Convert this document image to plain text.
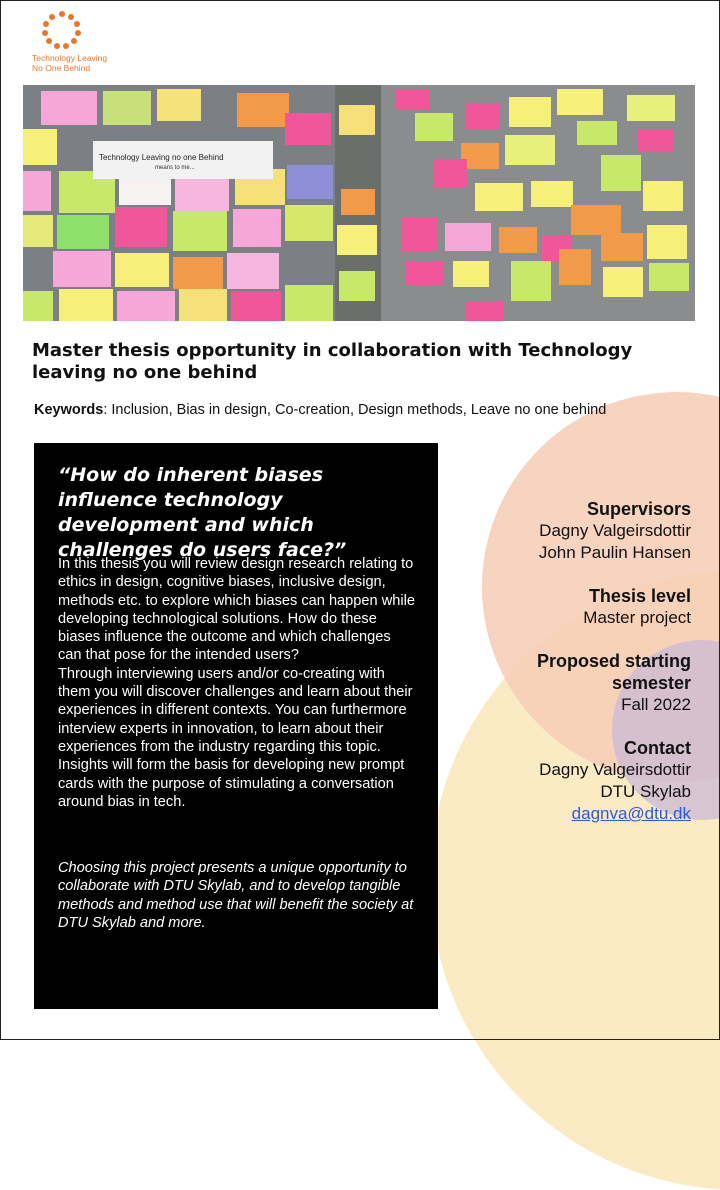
Technology Leaving
No One Behind
Technology Leaving no one Behind
means to me...
Master thesis opportunity in collaboration with Technology leaving no one behind
Keywords: Inclusion, Bias in design, Co-creation, Design methods, Leave no one behind
“How do inherent biases influence technology development and which challenges do users face?”

In this thesis you will review design research relating to ethics in design, cognitive biases, inclusive design, methods etc. to explore which biases can happen while developing technological solutions. How do these biases influence the outcome and which challenges can that pose for the intended users?

Through interviewing users and/or co-creating with them you will discover challenges and learn about their experiences in different contexts. You can furthermore interview experts in innovation, to learn about their experiences from the industry regarding this topic. Insights will form the basis for developing new prompt cards with the purpose of stimulating a conversation around bias in tech.

Choosing this project presents a unique opportunity to collaborate with DTU Skylab, and to develop tangible methods and method use that will benefit the society at DTU Skylab and more.
Supervisors
Dagny Valgeirsdottir
John Paulin Hansen
Thesis level
Master project
Proposed starting
semester
Fall 2022
Contact
Dagny Valgeirsdottir
DTU Skylab
dagnva@dtu.dk
